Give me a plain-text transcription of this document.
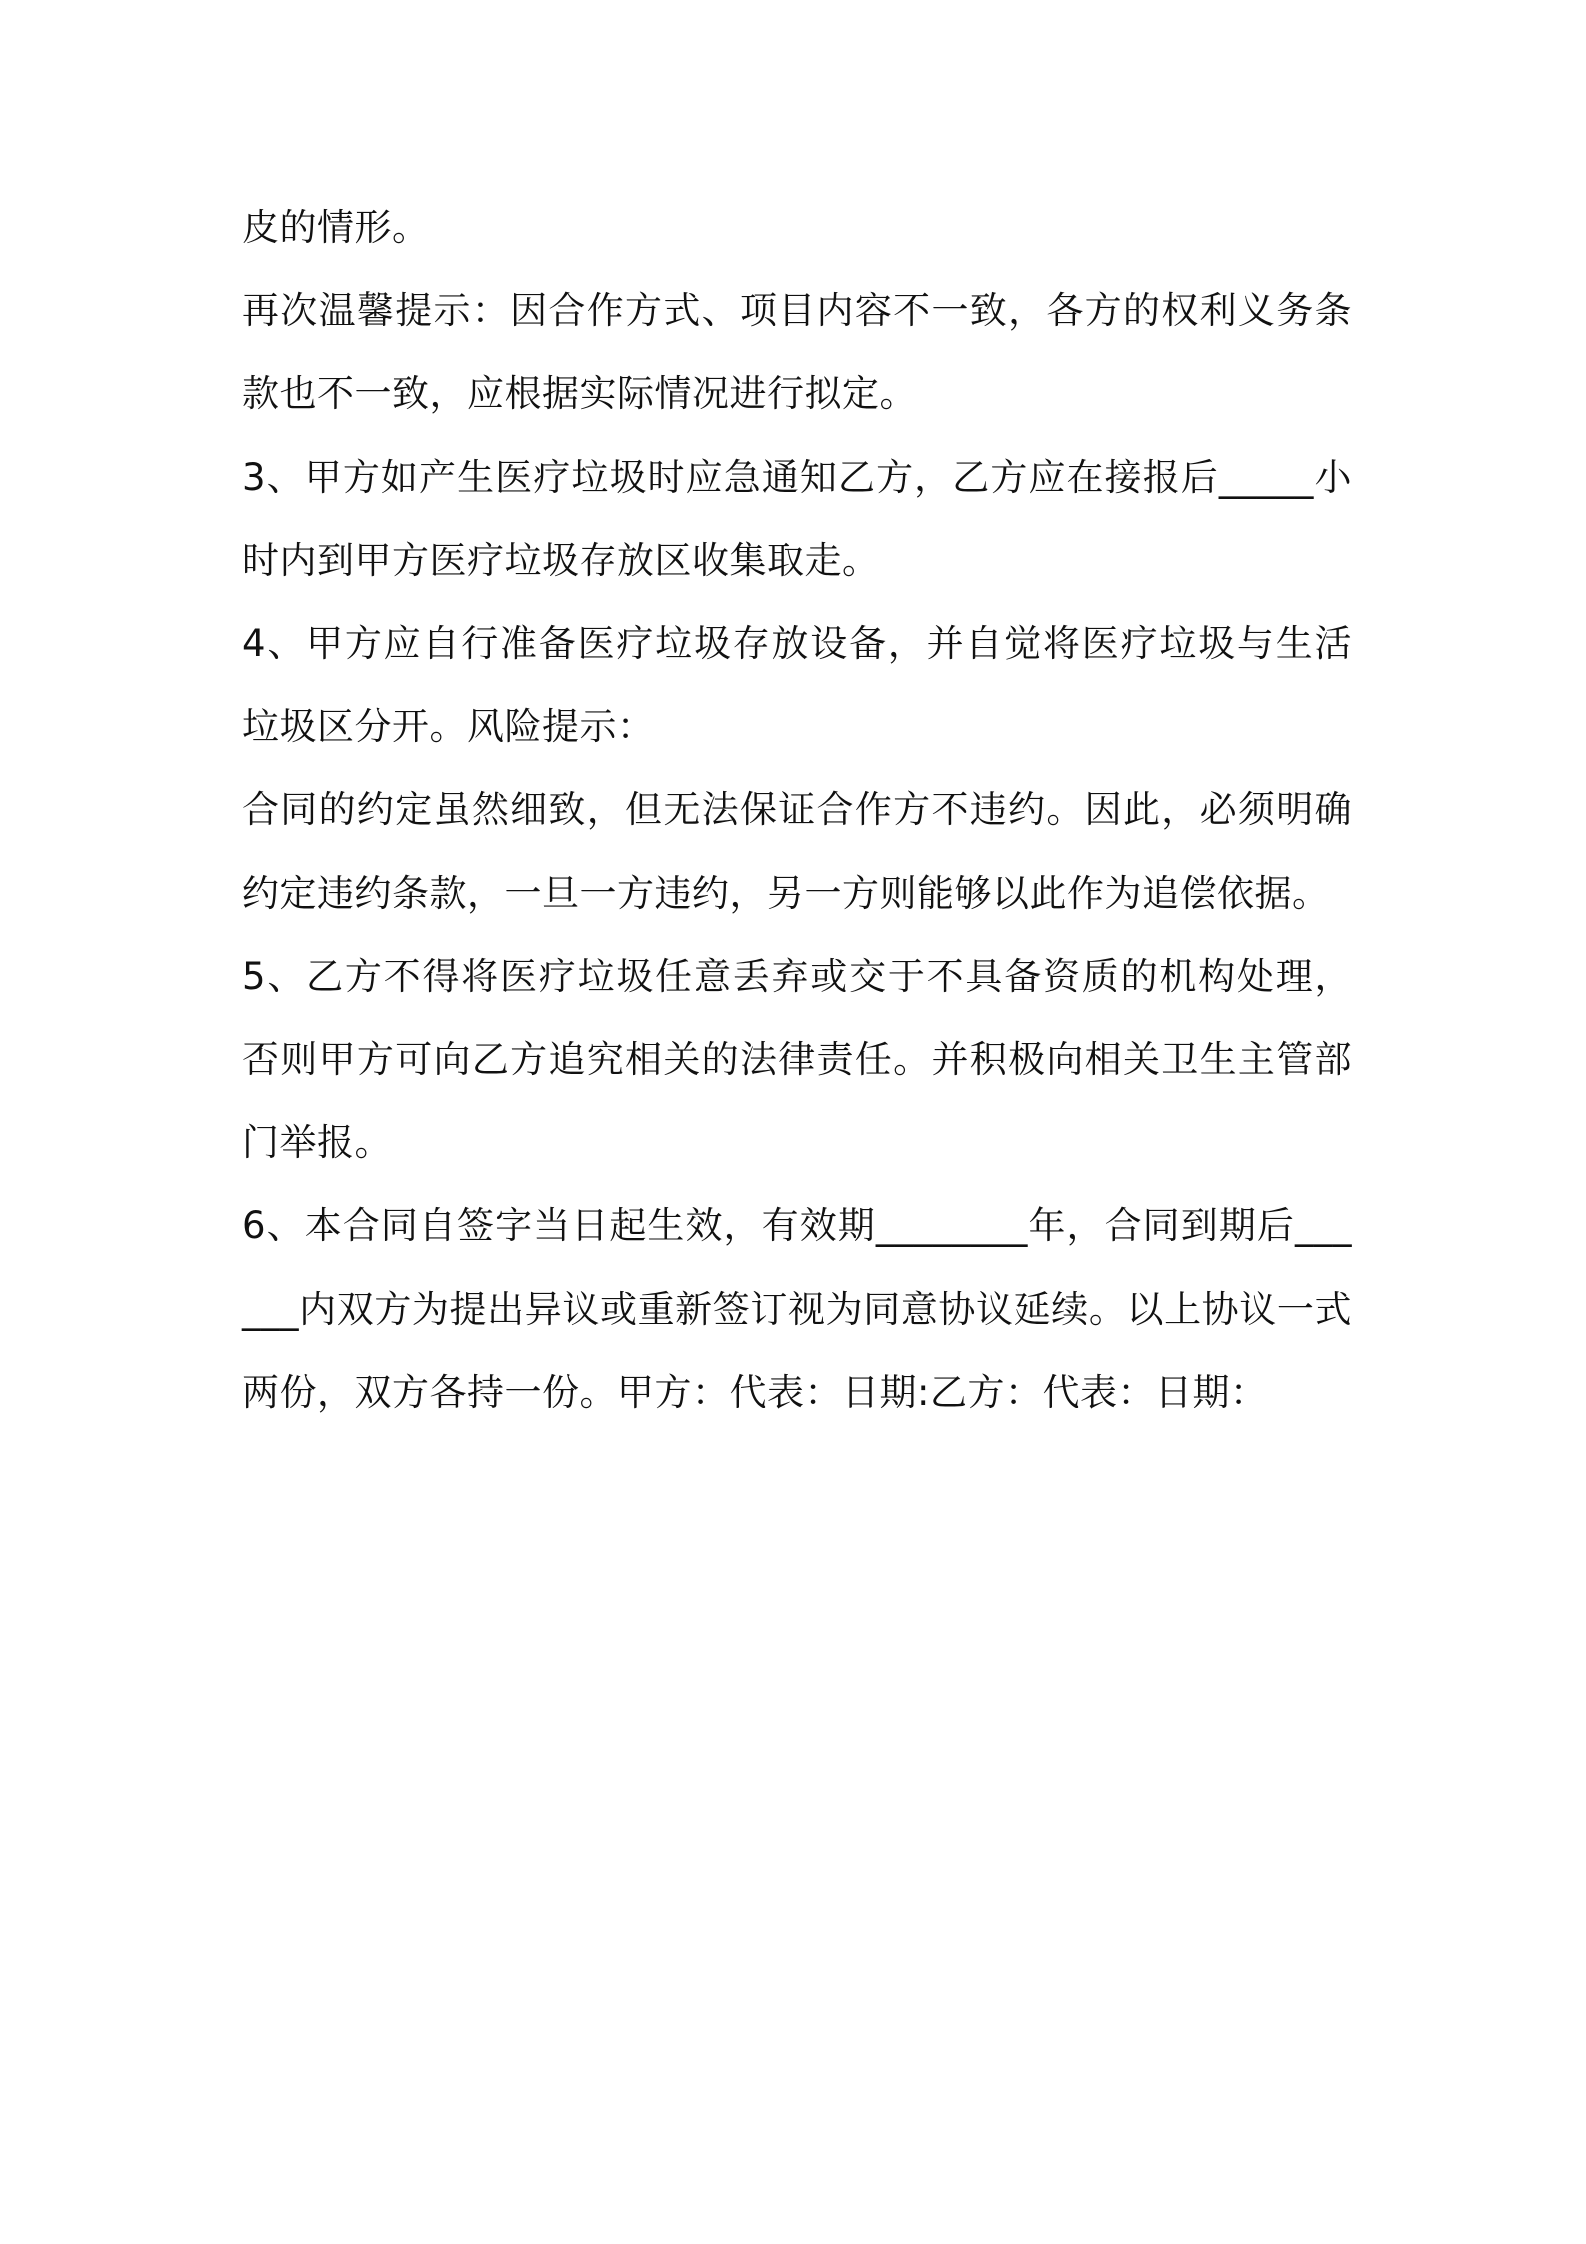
皮的情形。

再次温馨提示：因合作方式、项目内容不一致，各方的权利义务条款也不一致，应根据实际情况进行拟定。

3、甲方如产生医疗垃圾时应急通知乙方，乙方应在接报后_____小时内到甲方医疗垃圾存放区收集取走。

4、甲方应自行准备医疗垃圾存放设备，并自觉将医疗垃圾与生活垃圾区分开。风险提示：

合同的约定虽然细致，但无法保证合作方不违约。因此，必须明确约定违约条款，一旦一方违约，另一方则能够以此作为追偿依据。

5、乙方不得将医疗垃圾任意丢弃或交于不具备资质的机构处理，否则甲方可向乙方追究相关的法律责任。并积极向相关卫生主管部门举报。

6、本合同自签字当日起生效，有效期________年，合同到期后______内双方为提出异议或重新签订视为同意协议延续。以上协议一式两份，双方各持一份。甲方：代表：日期:乙方：代表：日期：
